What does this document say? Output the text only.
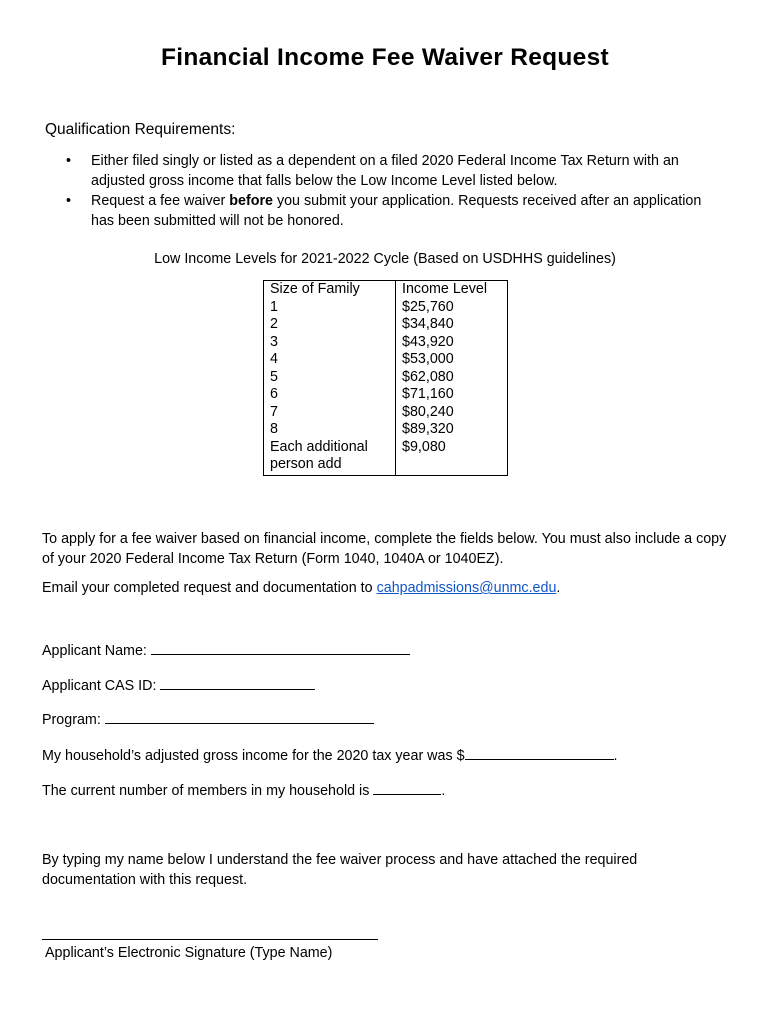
Financial Income Fee Waiver Request
Qualification Requirements:
• Either filed singly or listed as a dependent on a filed 2020 Federal Income Tax Return with an adjusted gross income that falls below the Low Income Level listed below.
• Request a fee waiver before you submit your application. Requests received after an application has been submitted will not be honored.
Low Income Levels for 2021-2022 Cycle (Based on USDHHS guidelines)
Size of Family	Income Level
1	$25,760
2	$34,840
3	$43,920
4	$53,000
5	$62,080
6	$71,160
7	$80,240
8	$89,320
Each additional person add	$9,080
To apply for a fee waiver based on financial income, complete the fields below. You must also include a copy of your 2020 Federal Income Tax Return (Form 1040, 1040A or 1040EZ).
Email your completed request and documentation to cahpadmissions@unmc.edu.
Applicant Name:
Applicant CAS ID:
Program:
My household’s adjusted gross income for the 2020 tax year was $	.
The current number of members in my household is	.
By typing my name below I understand the fee waiver process and have attached the required documentation with this request.
Applicant’s Electronic Signature (Type Name)
